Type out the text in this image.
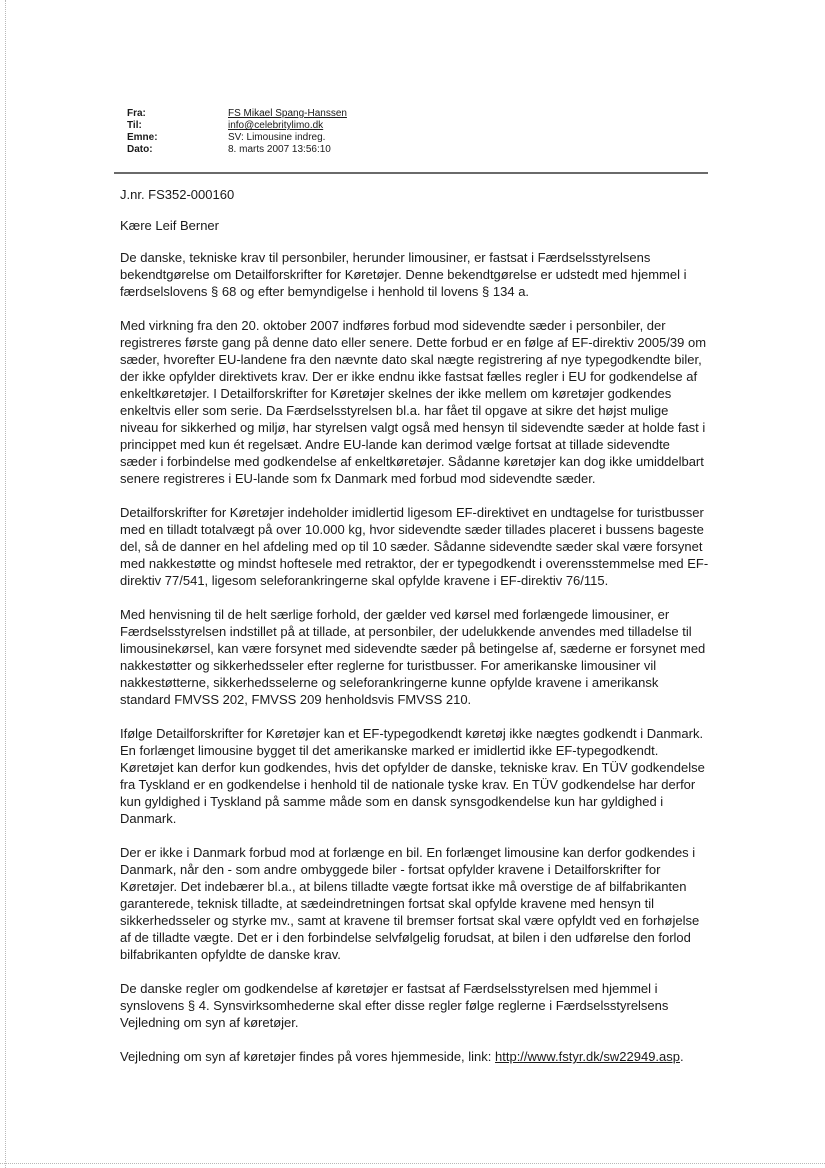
Fra:	FS Mikael Spang-Hanssen
Til:	info@celebritylimo.dk
Emne:	SV: Limousine indreg.
Dato:	8. marts 2007 13:56:10

J.nr. FS352-000160

Kære Leif Berner

De danske, tekniske krav til personbiler, herunder limousiner, er fastsat i Færdselsstyrelsens bekendtgørelse om Detailforskrifter for Køretøjer. Denne bekendtgørelse er udstedt med hjemmel i færdselslovens § 68 og efter bemyndigelse i henhold til lovens § 134 a.

Med virkning fra den 20. oktober 2007 indføres forbud mod sidevendte sæder i personbiler, der registreres første gang på denne dato eller senere. Dette forbud er en følge af EF-direktiv 2005/39 om sæder, hvorefter EU-landene fra den nævnte dato skal nægte registrering af nye typegodkendte biler, der ikke opfylder direktivets krav. Der er ikke endnu ikke fastsat fælles regler i EU for godkendelse af enkeltkøretøjer. I Detailforskrifter for Køretøjer skelnes der ikke mellem om køretøjer godkendes enkeltvis eller som serie. Da Færdselsstyrelsen bl.a. har fået til opgave at sikre det højst mulige niveau for sikkerhed og miljø, har styrelsen valgt også med hensyn til sidevendte sæder at holde fast i princippet med kun ét regelsæt. Andre EU-lande kan derimod vælge fortsat at tillade sidevendte sæder i forbindelse med godkendelse af enkeltkøretøjer. Sådanne køretøjer kan dog ikke umiddelbart senere registreres i EU-lande som fx Danmark med forbud mod sidevendte sæder.

Detailforskrifter for Køretøjer indeholder imidlertid ligesom EF-direktivet en undtagelse for turistbusser med en tilladt totalvægt på over 10.000 kg, hvor sidevendte sæder tillades placeret i bussens bageste del, så de danner en hel afdeling med op til 10 sæder. Sådanne sidevendte sæder skal være forsynet med nakkestøtte og mindst hoftesele med retraktor, der er typegodkendt i overensstemmelse med EF-direktiv 77/541, ligesom seleforankringerne skal opfylde kravene i EF-direktiv 76/115.

Med henvisning til de helt særlige forhold, der gælder ved kørsel med forlængede limousiner, er Færdselsstyrelsen indstillet på at tillade, at personbiler, der udelukkende anvendes med tilladelse til limousinekørsel, kan være forsynet med sidevendte sæder på betingelse af, sæderne er forsynet med nakkestøtter og sikkerhedsseler efter reglerne for turistbusser. For amerikanske limousiner vil nakkestøtterne, sikkerhedsselerne og seleforankringerne kunne opfylde kravene i amerikansk standard FMVSS 202, FMVSS 209 henholdsvis FMVSS 210.

Ifølge Detailforskrifter for Køretøjer kan et EF-typegodkendt køretøj ikke nægtes godkendt i Danmark. En forlænget limousine bygget til det amerikanske marked er imidlertid ikke EF-typegodkendt. Køretøjet kan derfor kun godkendes, hvis det opfylder de danske, tekniske krav. En TÜV godkendelse fra Tyskland er en godkendelse i henhold til de nationale tyske krav. En TÜV godkendelse har derfor kun gyldighed i Tyskland på samme måde som en dansk synsgodkendelse kun har gyldighed i Danmark.

Der er ikke i Danmark forbud mod at forlænge en bil. En forlænget limousine kan derfor godkendes i Danmark, når den - som andre ombyggede biler - fortsat opfylder kravene i Detailforskrifter for Køretøjer. Det indebærer bl.a., at bilens tilladte vægte fortsat ikke må overstige de af bilfabrikanten garanterede, teknisk tilladte, at sædeindretningen fortsat skal opfylde kravene med hensyn til sikkerhedsseler og styrke mv., samt at kravene til bremser fortsat skal være opfyldt ved en forhøjelse af de tilladte vægte. Det er i den forbindelse selvfølgelig forudsat, at bilen i den udførelse den forlod bilfabrikanten opfyldte de danske krav.

De danske regler om godkendelse af køretøjer er fastsat af Færdselsstyrelsen med hjemmel i synslovens § 4. Synsvirksomhederne skal efter disse regler følge reglerne i Færdselsstyrelsens Vejledning om syn af køretøjer.

Vejledning om syn af køretøjer findes på vores hjemmeside, link: http://www.fstyr.dk/sw22949.asp.
